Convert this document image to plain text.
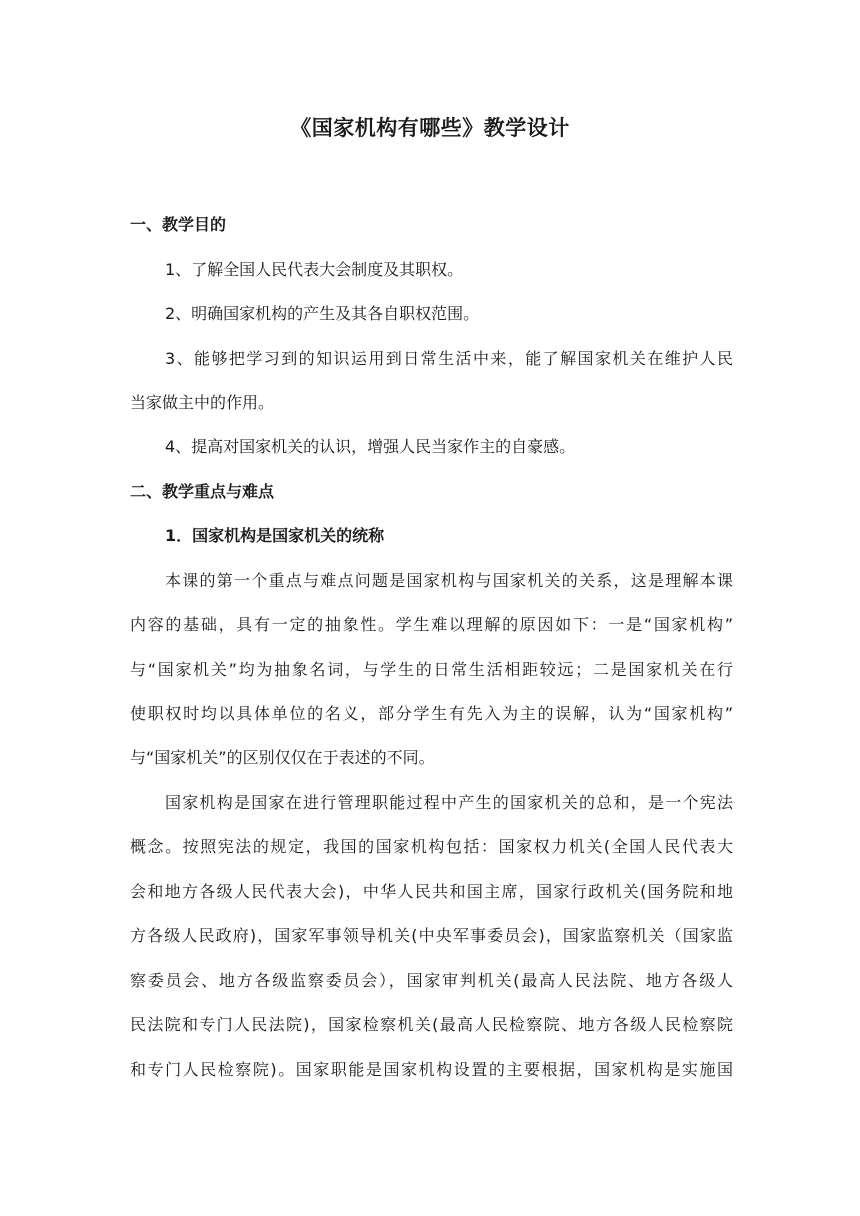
《国家机构有哪些》教学设计
一、教学目的
1、了解全国人民代表大会制度及其职权。
2、明确国家机构的产生及其各自职权范围。
3、能够把学习到的知识运用到日常生活中来，能了解国家机关在维护人民
当家做主中的作用。
4、提高对国家机关的认识，增强人民当家作主的自豪感。
二、教学重点与难点
1．国家机构是国家机关的统称
本课的第一个重点与难点问题是国家机构与国家机关的关系，这是理解本课
内容的基础，具有一定的抽象性。学生难以理解的原因如下：一是“国家机构”
与“国家机关”均为抽象名词，与学生的日常生活相距较远；二是国家机关在行
使职权时均以具体单位的名义，部分学生有先入为主的误解，认为“国家机构”
与“国家机关”的区别仅仅在于表述的不同。
国家机构是国家在进行管理职能过程中产生的国家机关的总和，是一个宪法
概念。按照宪法的规定，我国的国家机构包括：国家权力机关(全国人民代表大
会和地方各级人民代表大会)，中华人民共和国主席，国家行政机关(国务院和地
方各级人民政府)，国家军事领导机关(中央军事委员会)，国家监察机关（国家监
察委员会、地方各级监察委员会），国家审判机关(最高人民法院、地方各级人
民法院和专门人民法院)，国家检察机关(最高人民检察院、地方各级人民检察院
和专门人民检察院)。国家职能是国家机构设置的主要根据，国家机构是实施国
